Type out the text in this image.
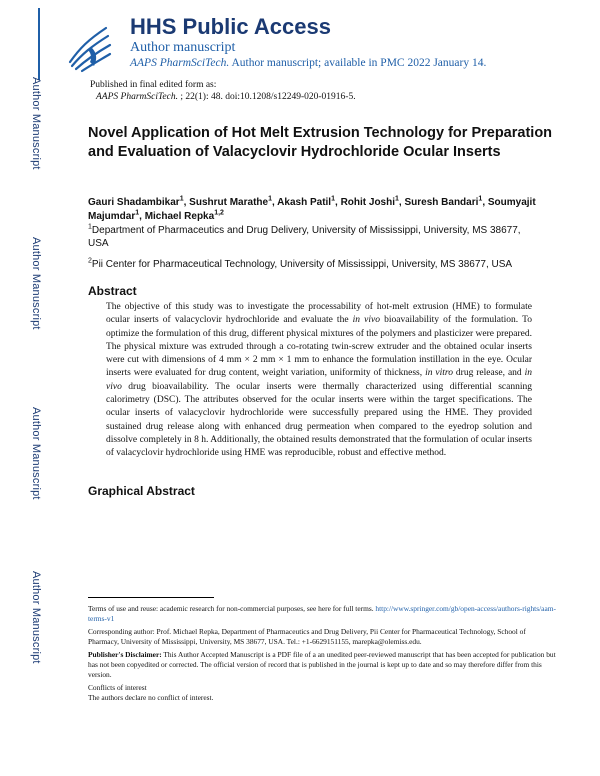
Author Manuscript
Author Manuscript
Author Manuscript
Author Manuscript
HHS Public Access
Author manuscript
AAPS PharmSciTech. Author manuscript; available in PMC 2022 January 14.
Published in final edited form as:
AAPS PharmSciTech. ; 22(1): 48. doi:10.1208/s12249-020-01916-5.
Novel Application of Hot Melt Extrusion Technology for Preparation and Evaluation of Valacyclovir Hydrochloride Ocular Inserts
Gauri Shadambikar$^1$, Sushrut Marathe$^1$, Akash Patil$^1$, Rohit Joshi$^1$, Suresh Bandari$^1$, Soumyajit Majumdar$^1$, Michael Repka$^{1,2}$
$^1$Department of Pharmaceutics and Drug Delivery, University of Mississippi, University, MS 38677, USA
$^2$Pii Center for Pharmaceutical Technology, University of Mississippi, University, MS 38677, USA
Abstract

The objective of this study was to investigate the processability of hot-melt extrusion (HME) to formulate ocular inserts of valacyclovir hydrochloride and evaluate the in vivo bioavailability of the formulation. To optimize the formulation of this drug, different physical mixtures of the polymers and plasticizer were prepared. The physical mixture was extruded through a co-rotating twin-screw extruder and the obtained ocular inserts were cut with dimensions of 4 mm × 2 mm × 1 mm to enhance the formulation instillation in the eye. Ocular inserts were evaluated for drug content, weight variation, uniformity of thickness, in vitro drug release, and in vivo drug bioavailability. The ocular inserts were thermally characterized using differential scanning calorimetry (DSC). The attributes observed for the ocular inserts were within the target specifications. The ocular inserts of valacyclovir hydrochloride were successfully prepared using the HME. They provided sustained drug release along with enhanced drug permeation when compared to the eyedrop solution and dissolve completely in 8 h. Additionally, the obtained results demonstrated that the formulation of ocular inserts of valacyclovir hydrochloride using HME was reproducible, robust and effective method.

Graphical Abstract

Terms of use and reuse: academic research for non-commercial purposes, see here for full terms. http://www.springer.com/gb/open-access/authors-rights/aam-terms-v1

Corresponding author: Prof. Michael Repka, Department of Pharmaceutics and Drug Delivery, Pii Center for Pharmaceutical Technology, School of Pharmacy, University of Mississippi, University, MS 38677, USA. Tel.: +1-6629151155, marepka@olemiss.edu.

Publisher's Disclaimer: This Author Accepted Manuscript is a PDF file of a an unedited peer-reviewed manuscript that has been accepted for publication but has not been copyedited or corrected. The official version of record that is published in the journal is kept up to date and so may therefore differ from this version.

Conflicts of interest

The authors declare no conflict of interest.
